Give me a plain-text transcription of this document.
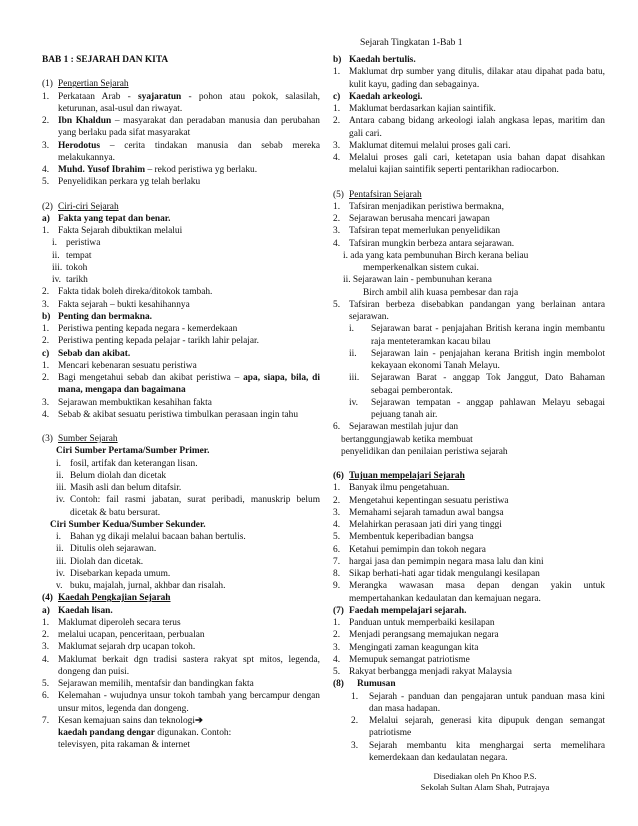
Sejarah Tingkatan 1-Bab 1
BAB 1 : SEJARAH DAN KITA
(1) Pengertian Sejarah
1. Perkataan Arab - syajaratun - pohon atau pokok, salasilah, keturunan, asal-usul dan riwayat.
2. Ibn Khaldun – masyarakat dan peradaban manusia dan perubahan yang berlaku pada sifat masyarakat
3. Herodotus – cerita tindakan manusia dan sebab mereka melakukannya.
4. Muhd. Yusof Ibrahim – rekod peristiwa yg berlaku.
5. Penyelidikan perkara yg telah berlaku
(2) Ciri-ciri Sejarah
a) Fakta yang tepat dan benar.
1. Fakta Sejarah dibuktikan melalui
i. peristiwa
ii. tempat
iii. tokoh
iv. tarikh
2. Fakta tidak boleh direka/ditokok tambah.
3. Fakta sejarah – bukti kesahihannya
b) Penting dan bermakna.
1. Peristiwa penting kepada negara - kemerdekaan
2. Peristiwa penting kepada pelajar - tarikh lahir pelajar.
c) Sebab dan akibat.
1. Mencari kebenaran sesuatu peristiwa
2. Bagi mengetahui sebab dan akibat peristiwa – apa, siapa, bila, di mana, mengapa dan bagaimana
3. Sejarawan membuktikan kesahihan fakta
4. Sebab & akibat sesuatu peristiwa timbulkan perasaan ingin tahu
(3) Sumber Sejarah
Ciri Sumber Pertama/Sumber Primer.
i. fosil, artifak dan keterangan lisan.
ii. Belum diolah dan dicetak
iii. Masih asli dan belum ditafsir.
iv. Contoh: fail rasmi jabatan, surat peribadi, manuskrip belum dicetak & batu bersurat.
Ciri Sumber Kedua/Sumber Sekunder.
i. Bahan yg dikaji melalui bacaan bahan bertulis.
ii. Ditulis oleh sejarawan.
iii. Diolah dan dicetak.
iv. Disebarkan kepada umum.
v. buku, majalah, jurnal, akhbar dan risalah.
(4) Kaedah Pengkajian Sejarah
a) Kaedah lisan.
1. Maklumat diperoleh secara terus
2. melalui ucapan, penceritaan, perbualan
3. Maklumat sejarah drp ucapan tokoh.
4. Maklumat berkait dgn tradisi sastera rakyat spt mitos, legenda, dongeng dan puisi.
5. Sejarawan memilih, mentafsir dan bandingkan fakta
6. Kelemahan - wujudnya unsur tokoh tambah yang bercampur dengan unsur mitos, legenda dan dongeng.
7. Kesan kemajuan sains dan teknologi➔
kaedah pandang dengar digunakan. Contoh:
televisyen, pita rakaman & internet
b) Kaedah bertulis.
1. Maklumat drp sumber yang ditulis, dilakar atau dipahat pada batu, kulit kayu, gading dan sebagainya.
c) Kaedah arkeologi.
1. Maklumat berdasarkan kajian saintifik.
2. Antara cabang bidang arkeologi ialah angkasa lepas, maritim dan gali cari.
3. Maklumat ditemui melalui proses gali cari.
4. Melalui proses gali cari, ketetapan usia bahan dapat disahkan melalui kajian saintifik seperti pentarikhan radiocarbon.
(5) Pentafsiran Sejarah
1. Tafsiran menjadikan peristiwa bermakna,
2. Sejarawan berusaha mencari jawapan
3. Tafsiran tepat memerlukan penyelidikan
4. Tafsiran mungkin berbeza antara sejarawan.
i. ada yang kata pembunuhan Birch kerana beliau
memperkenalkan sistem cukai.
ii. Sejarawan lain - pembunuhan kerana
Birch ambil alih kuasa pembesar dan raja
5. Tafsiran berbeza disebabkan pandangan yang berlainan antara sejarawan.
i.	Sejarawan barat - penjajahan British kerana ingin membantu raja menteteramkan kacau bilau
ii.	Sejarawan lain - penjajahan kerana British ingin membolot kekayaan ekonomi Tanah Melayu.
iii.	Sejarawan Barat - anggap Tok Janggut, Dato Bahaman sebagai pemberontak.
iv.	Sejarawan tempatan - anggap pahlawan Melayu sebagai pejuang tanah air.
6. Sejarawan mestilah jujur dan
bertanggungjawab ketika membuat
penyelidikan dan penilaian peristiwa sejarah
(6) Tujuan mempelajari Sejarah
1. Banyak ilmu pengetahuan.
2. Mengetahui kepentingan sesuatu peristiwa
3. Memahami sejarah tamadun awal bangsa
4. Melahirkan perasaan jati diri yang tinggi
5. Membentuk keperibadian bangsa
6. Ketahui pemimpin dan tokoh negara
7. hargai jasa dan pemimpin negara masa lalu dan kini
8. Sikap berhati-hati agar tidak mengulangi kesilapan
9. Merangka wawasan masa depan dengan yakin untuk mempertahankan kedaulatan dan kemajuan negara.
(7) Faedah mempelajari sejarah.
1. Panduan untuk memperbaiki kesilapan
2. Menjadi perangsang memajukan negara
3. Mengingati zaman keagungan kita
4. Memupuk semangat patriotisme
5. Rakyat berbangga menjadi rakyat Malaysia
(8)	Rumusan
1.	Sejarah - panduan dan pengajaran untuk panduan masa kini dan masa hadapan.
2.	Melalui sejarah, generasi kita dipupuk dengan semangat patriotisme
3.	Sejarah membantu kita menghargai serta memelihara kemerdekaan dan kedaulatan negara.
Disediakan oleh Pn Khoo P.S.
Sekolah Sultan Alam Shah, Putrajaya
